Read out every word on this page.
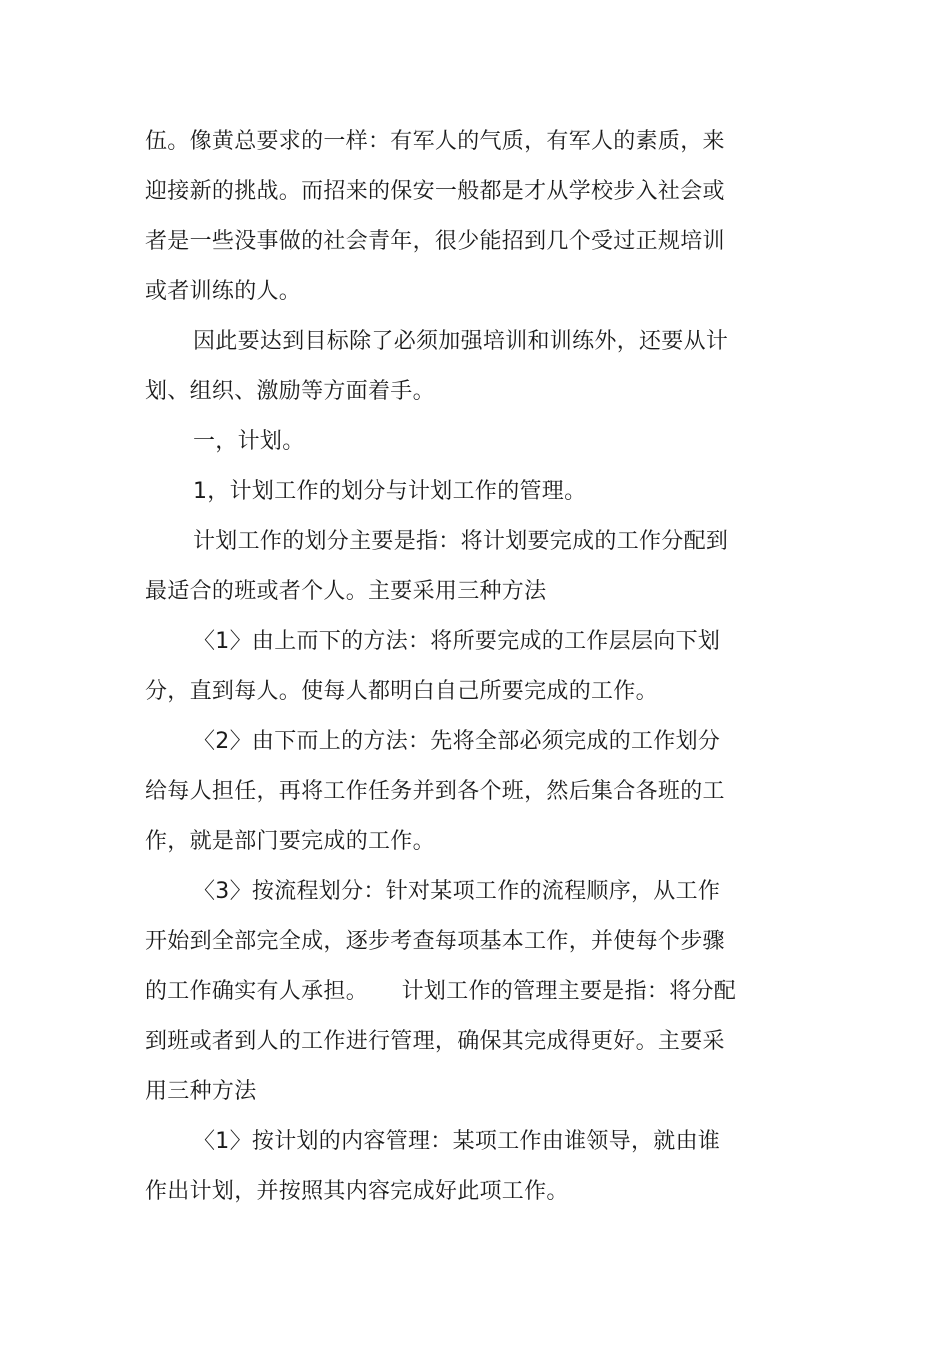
伍。像黄总要求的一样：有军人的气质，有军人的素质，来
迎接新的挑战。而招来的保安一般都是才从学校步入社会或
者是一些没事做的社会青年，很少能招到几个受过正规培训
或者训练的人。
因此要达到目标除了必须加强培训和训练外，还要从计
划、组织、激励等方面着手。
一，计划。
1，计划工作的划分与计划工作的管理。
计划工作的划分主要是指：将计划要完成的工作分配到
最适合的班或者个人。主要采用三种方法
〈1〉由上而下的方法：将所要完成的工作层层向下划
分，直到每人。使每人都明白自己所要完成的工作。
〈2〉由下而上的方法：先将全部必须完成的工作划分
给每人担任，再将工作任务并到各个班，然后集合各班的工
作，就是部门要完成的工作。
〈3〉按流程划分：针对某项工作的流程顺序，从工作
开始到全部完全成，逐步考查每项基本工作，并使每个步骤
的工作确实有人承担。　　计划工作的管理主要是指：将分配
到班或者到人的工作进行管理，确保其完成得更好。主要采
用三种方法
〈1〉按计划的内容管理：某项工作由谁领导，就由谁
作出计划，并按照其内容完成好此项工作。
